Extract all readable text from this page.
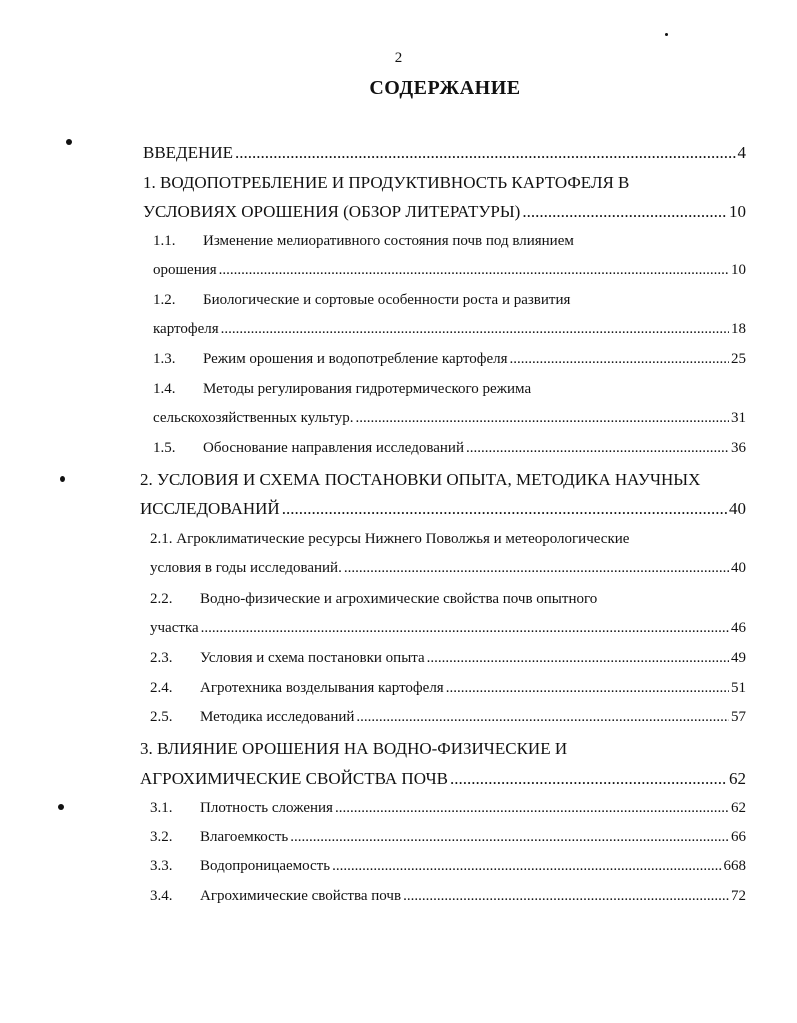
2
СОДЕРЖАНИЕ
ВВЕДЕНИЕ .....	4
1. ВОДОПОТРЕБЛЕНИЕ И ПРОДУКТИВНОСТЬ КАРТОФЕЛЯ В
УСЛОВИЯХ ОРОШЕНИЯ (ОБЗОР ЛИТЕРАТУРЫ) .....	10
1.1.	Изменение мелиоративного состояния почв под влиянием
орошения .....	10
1.2.	Биологические и сортовые особенности роста и развития
картофеля .....	18
1.3.	Режим орошения и водопотребление картофеля .....	25
1.4.	Методы регулирования гидротермического режима
сельскохозяйственных культур. .....	31
1.5.	Обоснование направления исследований .....	36
2. УСЛОВИЯ И СХЕМА ПОСТАНОВКИ ОПЫТА, МЕТОДИКА НАУЧНЫХ
ИССЛЕДОВАНИЙ .....	40
2.1. Агроклиматические ресурсы Нижнего Поволжья и метеорологические
условия в годы исследований. .....	40
2.2.	Водно-физические и агрохимические свойства почв опытного
участка .....	46
2.3.	Условия и схема постановки опыта .....	49
2.4.	Агротехника возделывания картофеля .....	51
2.5.	Методика исследований .....	57
3. ВЛИЯНИЕ ОРОШЕНИЯ НА ВОДНО-ФИЗИЧЕСКИЕ И
АГРОХИМИЧЕСКИЕ СВОЙСТВА ПОЧВ .....	62
3.1.	Плотность сложения .....	62
3.2.	Влагоемкость .....	66
3.3.	Водопроницаемость .....	668
3.4.	Агрохимические свойства почв .....	72
